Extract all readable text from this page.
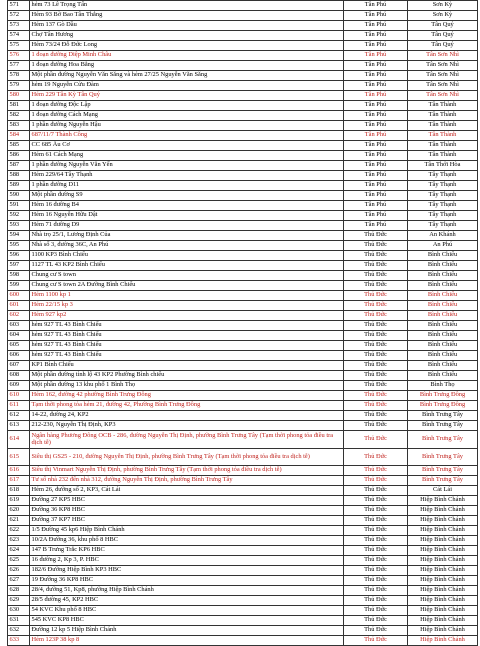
571	hẻm 73 Lê Trọng Tấn	Tân Phú	Sơn Kỳ
572	Hẻm 93 Bờ Bao Tân Thắng	Tân Phú	Sơn Kỳ
573	Hẻm 137 Gò Dầu	Tân Phú	Tân Quý
574	Chợ Tân Hương	Tân Phú	Tân Quý
575	Hẻm 73/24 Đỗ Đức Long	Tân Phú	Tân Quý
576	1 đoạn đường Diệp Minh Châu	Tân Phú	Tân Sơn Nhì
577	1 đoạn đường Hoa Bằng	Tân Phú	Tân Sơn Nhì
578	Một phần đường Nguyễn Văn Săng và hẻm 27/25 Nguyễn Văn Săng	Tân Phú	Tân Sơn Nhì
579	hẻm 19 Nguyễn Cửu Đàm	Tân Phú	Tân Sơn Nhì
580	Hẻm 229 Tân Kỳ Tân Quý	Tân Phú	Tân Sơn Nhì
581	1 đoạn đường Độc Lập	Tân Phú	Tân Thành
582	1 đoạn đường Cách Mạng	Tân Phú	Tân Thành
583	1 phần đường Nguyễn Hậu	Tân Phú	Tân Thành
584	687/11/7 Thành Công	Tân Phú	Tân Thành
585	CC 685 Âu Cơ	Tân Phú	Tân Thành
586	Hẻm 61 Cách Mạng	Tân Phú	Tân Thành
587	1 phần đường Nguyễn Văn Yến	Tân Phú	Tân Thới Hòa
588	Hẻm 229/64 Tây Thạnh	Tân Phú	Tây Thạnh
589	1 phần đường D11	Tân Phú	Tây Thạnh
590	Một phần đường S9	Tân Phú	Tây Thạnh
591	Hẻm 16 đường B4	Tân Phú	Tây Thạnh
592	Hẻm 16 Nguyễn Hữu Dật	Tân Phú	Tây Thạnh
593	Hẻm 71 đường D9	Tân Phú	Tây Thạnh
594	Nhà trọ 25/1, Lương Định Của	Thủ Đức	An Khánh
595	Nhà số 3, đường 36C, An Phú	Thủ Đức	An Phú
596	1100 KP3 Bình Chiểu	Thủ Đức	Bình Chiểu
597	1127 TL 43 KP2 Bình Chiểu	Thủ Đức	Bình Chiểu
598	Chung cư S town	Thủ Đức	Bình Chiểu
599	Chung cư S town 2A Đường Bình Chiểu	Thủ Đức	Bình Chiểu
600	Hẻm 1100 kp 1	Thủ Đức	Bình Chiểu
601	Hẻm 22/15 kp 3	Thủ Đức	Bình Chiểu
602	Hẻm 927 kp2	Thủ Đức	Bình Chiểu
603	hẻm 927 TL 43 Bình Chiểu	Thủ Đức	Bình Chiểu
604	hẻm 927 TL 43 Bình Chiểu	Thủ Đức	Bình Chiểu
605	hẻm 927 TL 43 Bình Chiểu	Thủ Đức	Bình Chiểu
606	hẻm 927 TL 43 Bình Chiểu	Thủ Đức	Bình Chiểu
607	KP1 Bình Chiểu	Thủ Đức	Bình Chiểu
608	Một phần đường tỉnh lộ 43 KP2 Phường Bình chiểu	Thủ Đức	Bình Chiểu
609	Một phần đường 13 khu phố 1 Bình Thọ	Thủ Đức	Bình Thọ
610	Hẻm 162, đường 42 phường Bình Trưng Đông	Thủ Đức	Bình Trưng Đông
611	Tạm thời phong tỏa hẻm 21, đường 42, Phường Bình Trưng Đông	Thủ Đức	Bình Trưng Đông
612	14-22, đường 24, KP2	Thủ Đức	Bình Trưng Tây
613	212-230, Nguyễn Thị Định, KP3	Thủ Đức	Bình Trưng Tây
614	Ngân hàng Phương Đông OCB - 286, đường Nguyễn Thị Định, phường Bình Trưng Tây (Tạm thời phong tỏa điều tra dịch tễ)	Thủ Đức	Bình Trưng Tây
615	Siêu thị GS25 - 210, đường Nguyễn Thị Định, phường Bình Trưng Tây (Tạm thời phong tỏa điều tra dịch tễ)	Thủ Đức	Bình Trưng Tây
616	Siêu thị Vinmart Nguyễn Thị Định, phường Bình Trưng Tây (Tạm thời phong tỏa điều tra dịch tễ)	Thủ Đức	Bình Trưng Tây
617	Tư số nhà 232 đến nhà 312, đường Nguyễn Thị Định, phường Bình Trưng Tây	Thủ Đức	Bình Trưng Tây
618	Hẻm 26, đường số 2, KP3, Cát Lái	Thủ Đức	Cát Lái
619	Đường 27 KP5 HBC	Thủ Đức	Hiệp Bình Chánh
620	Đường 36 KP8 HBC	Thủ Đức	Hiệp Bình Chánh
621	Đường 37 KP7 HBC	Thủ Đức	Hiệp Bình Chánh
622	1/5 Đường 45 kp6 Hiệp Bình Chánh	Thủ Đức	Hiệp Bình Chánh
623	10/2A Đường 36, khu phố 8 HBC	Thủ Đức	Hiệp Bình Chánh
624	147 B Trưng Trắc KP6 HBC	Thủ Đức	Hiệp Bình Chánh
625	16 đường 2, Kp 3, P. HBC	Thủ Đức	Hiệp Bình Chánh
626	182/6 Đường Hiệp Bình KP3 HBC	Thủ Đức	Hiệp Bình Chánh
627	19 Đường 36 KP8 HBC	Thủ Đức	Hiệp Bình Chánh
628	28/4, đường 51, Kp8, phường Hiệp Bình Chánh	Thủ Đức	Hiệp Bình Chánh
629	28/5 đường 45, KP2 HBC	Thủ Đức	Hiệp Bình Chánh
630	54 KVC Khu phố 8 HBC	Thủ Đức	Hiệp Bình Chánh
631	545 KVC KP8 HBC	Thủ Đức	Hiệp Bình Chánh
632	Đường 12 kp 5 Hiệp Bình Chánh	Thủ Đức	Hiệp Bình Chánh
633	Hẻm 123P 38 kp 8	Thủ Đức	Hiệp Bình Chánh
